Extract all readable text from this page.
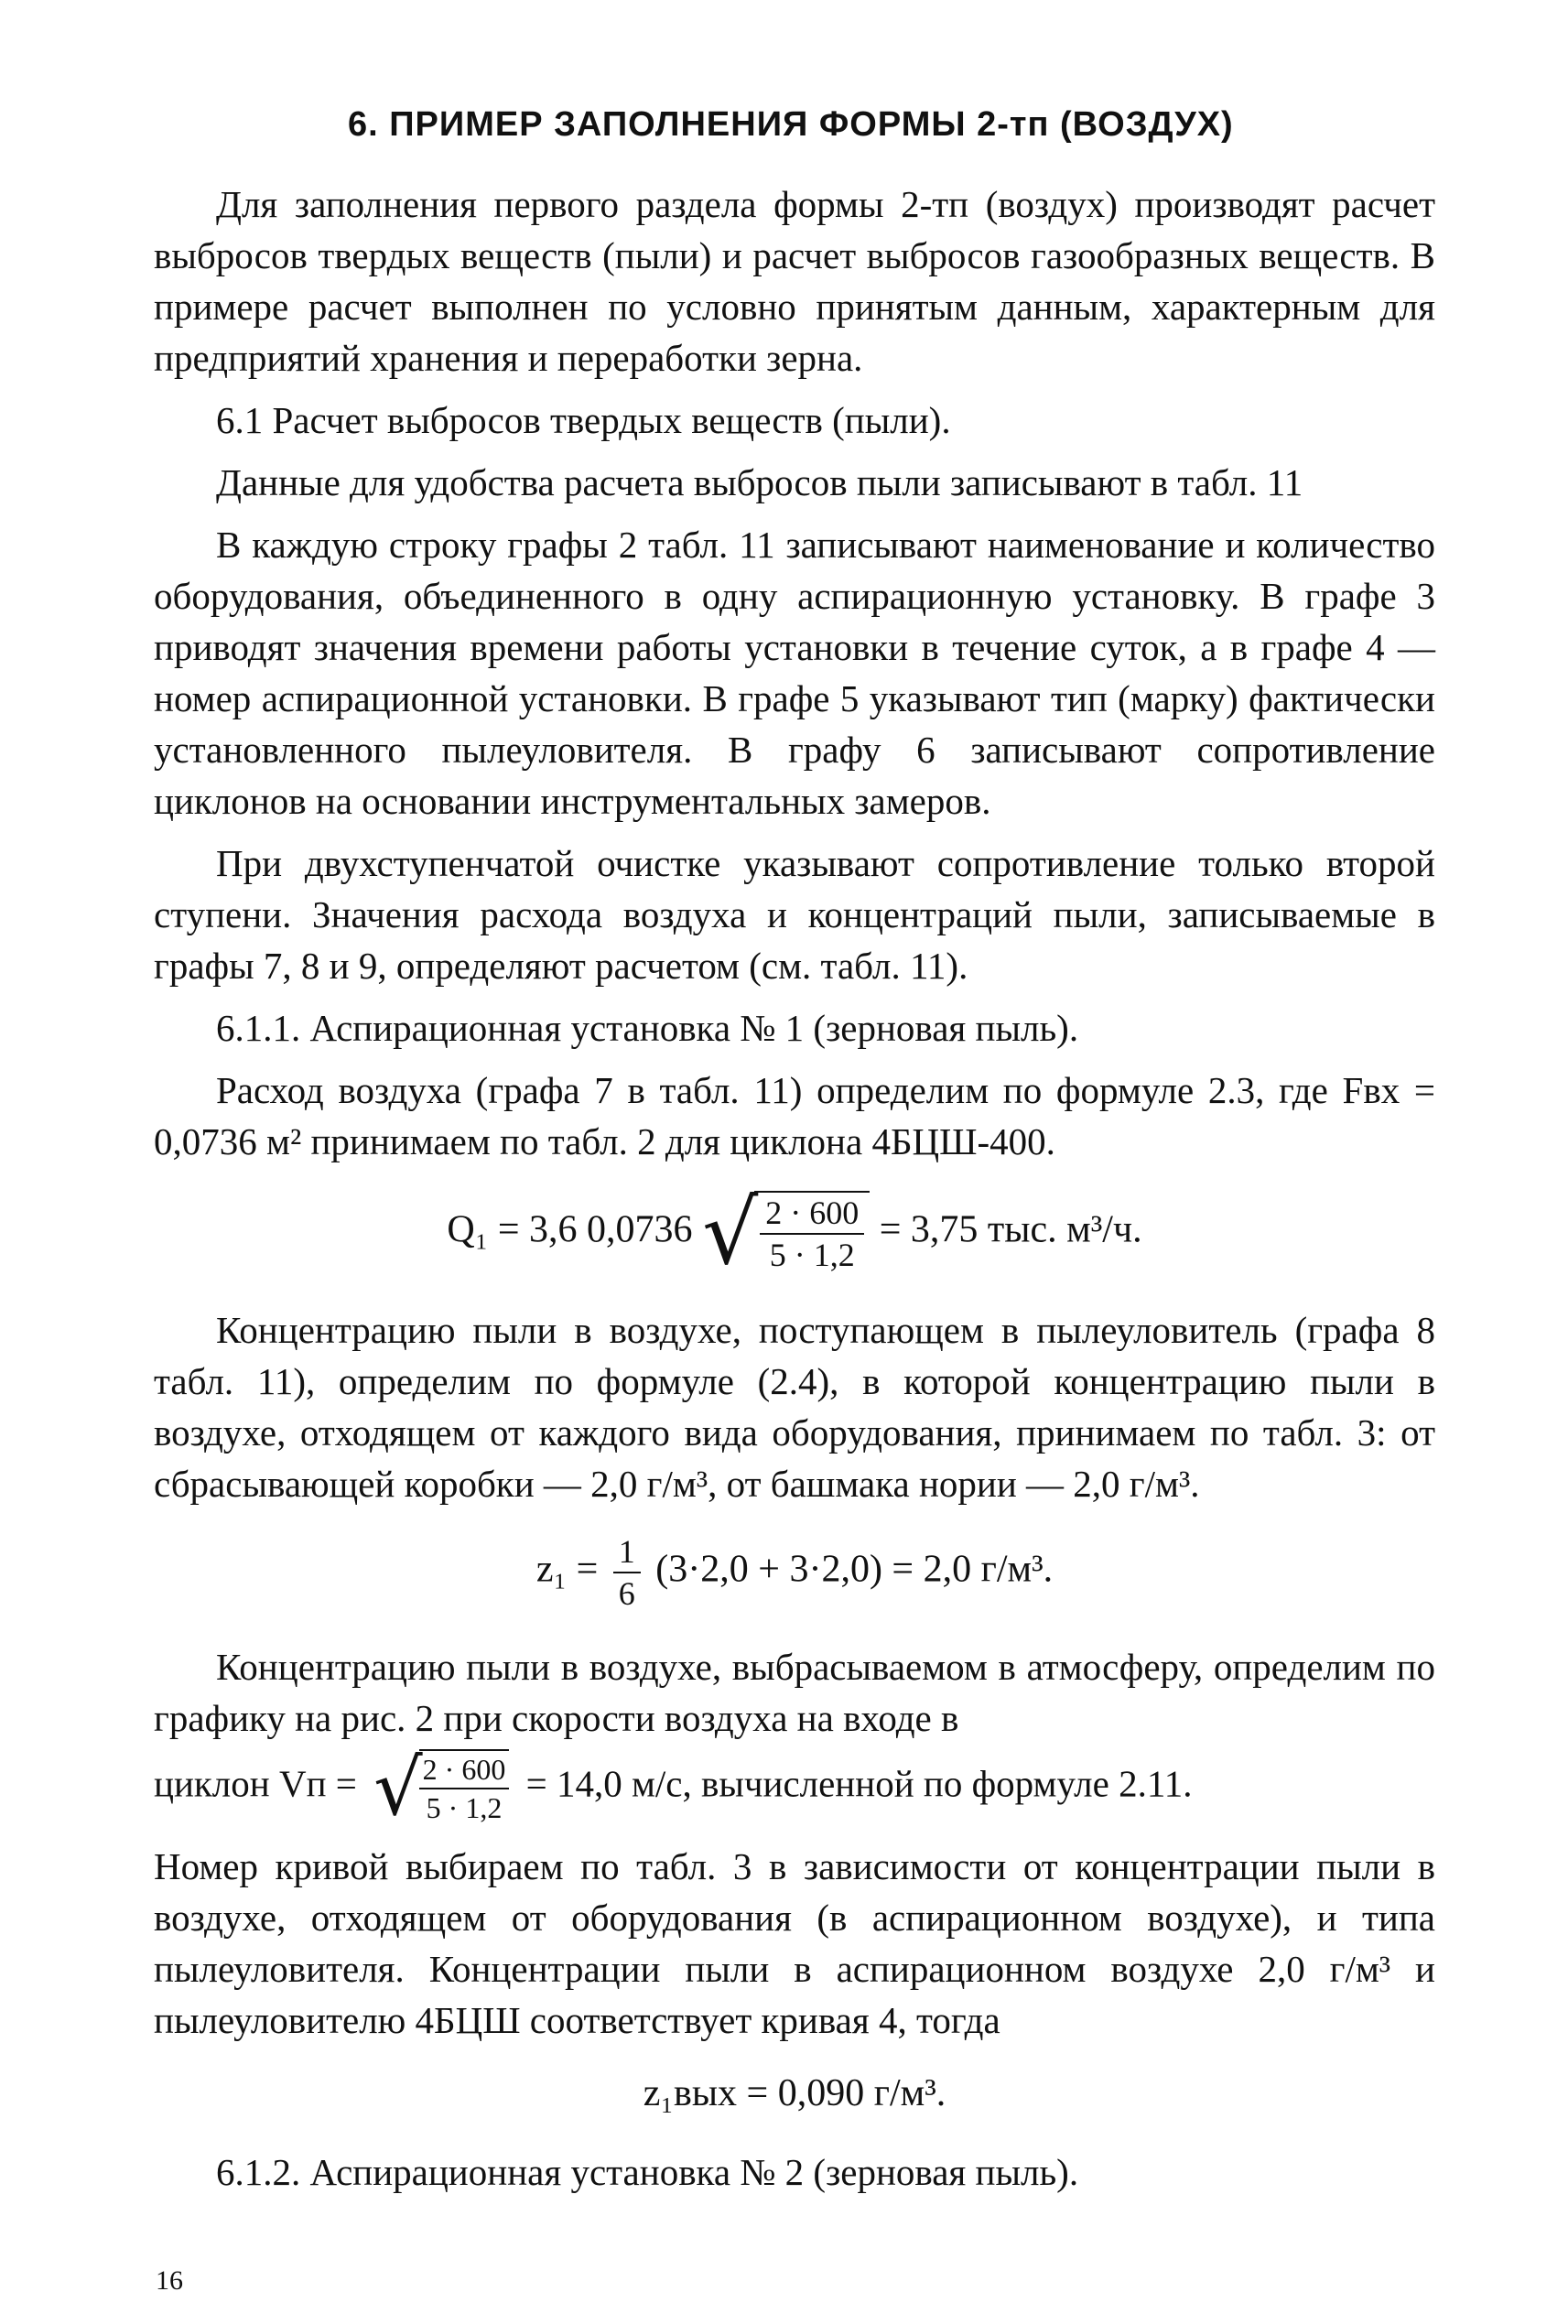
6. ПРИМЕР ЗАПОЛНЕНИЯ ФОРМЫ 2-тп (ВОЗДУХ)

Для заполнения первого раздела формы 2-тп (воздух) производят расчет выбросов твердых веществ (пыли) и расчет выбросов газообразных веществ. В примере расчет выполнен по условно принятым данным, характерным для предприятий хранения и переработки зерна.

6.1 Расчет выбросов твердых веществ (пыли).

Данные для удобства расчета выбросов пыли записывают в табл. 11

В каждую строку графы 2 табл. 11 записывают наименование и количество оборудования, объединенного в одну аспирационную установку. В графе 3 приводят значения времени работы установки в течение суток, а в графе 4 — номер аспирационной установки. В графе 5 указывают тип (марку) фактически установленного пылеуловителя. В графу 6 записывают сопротивление циклонов на основании инструментальных замеров.

При двухступенчатой очистке указывают сопротивление только второй ступени. Значения расхода воздуха и концентраций пыли, записываемые в графы 7, 8 и 9, определяют расчетом (см. табл. 11).

6.1.1. Аспирационная установка № 1 (зерновая пыль).

Расход воздуха (графа 7 в табл. 11) определим по формуле 2.3, где Fвх = 0,0736 м² принимаем по табл. 2 для циклона 4БЦШ-400.

Q₁ = 3,6 0,0736 √ $\frac{2 \cdot 600}{5 \cdot 1,2} = 3,75$ тыс. м³/ч.

Концентрацию пыли в воздухе, поступающем в пылеуловитель (графа 8 табл. 11), определим по формуле (2.4), в которой концентрацию пыли в воздухе, отходящем от каждого вида оборудования, принимаем по табл. 3: от сбрасывающей коробки — 2,0 г/м³, от башмака нории — 2,0 г/м³.

$z_1 = \frac{1}{6} (3\cdot 2,0 + 3\cdot 2,0) = 2,0$ г/м³.

Концентрацию пыли в воздухе, выбрасываемом в атмосферу, определим по графику на рис. 2 при скорости воздуха на входе в

циклон Vп = √
$\frac{2 \cdot 600}{5 \cdot 1,2} = 14,0$ м/с, вычисленной по формуле 2.11.

Номер кривой выбираем по табл. 3 в зависимости от концентрации пыли в воздухе, отходящем от оборудования (в аспирационном воздухе), и типа пылеуловителя. Концентрации пыли в аспирационном воздухе 2,0 г/м³ и пылеуловителю 4БЦШ соответствует кривая 4, тогда

z₁вых = 0,090 г/м³.

6.1.2. Аспирационная установка № 2 (зерновая пыль).

16
